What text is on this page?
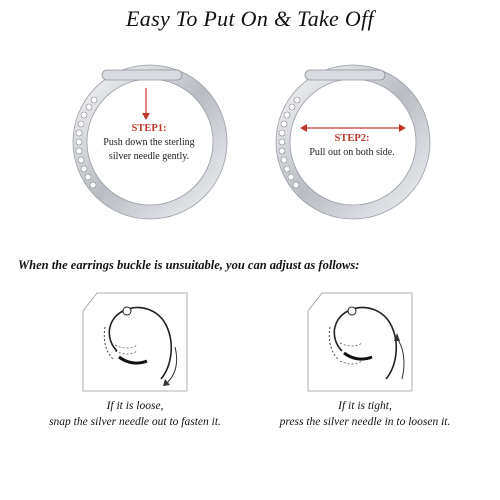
Easy To Put On & Take Off
STEP1:
Push down the sterling
silver needle gently.
STEP2:
Pull out on both side.
When the earrings buckle is unsuitable, you can adjust as follows:
If it is loose,
snap the silver needle out to fasten it.
If it is tight,
press the silver needle in to loosen it.
